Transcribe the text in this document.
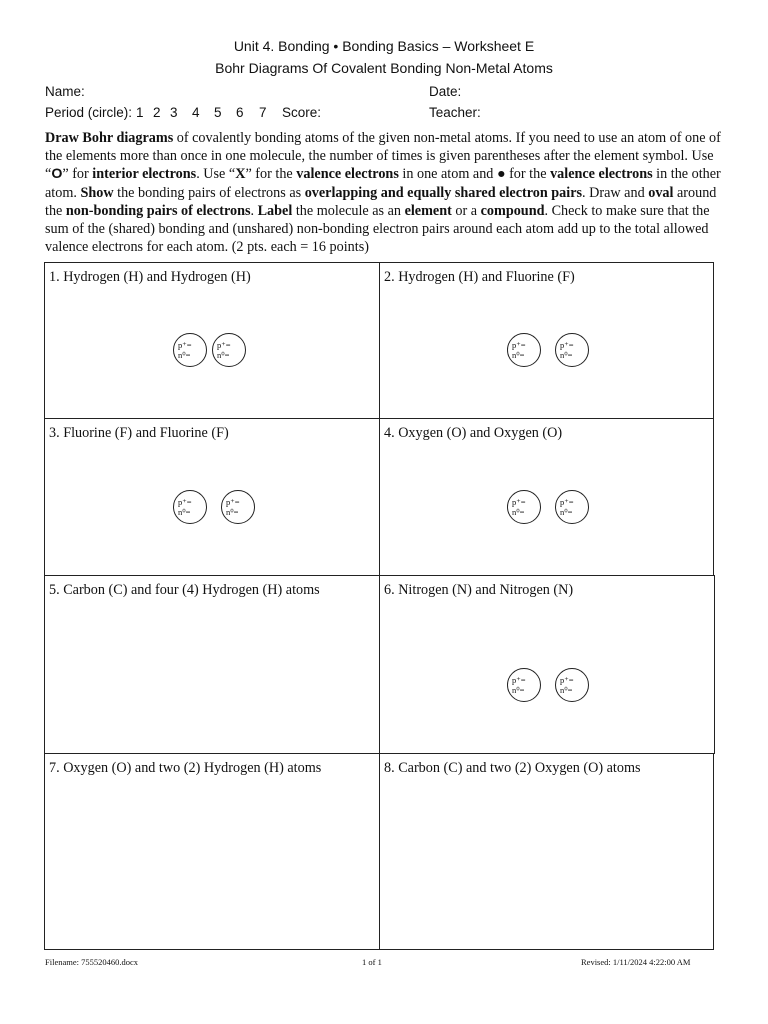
Unit 4. Bonding • Bonding Basics – Worksheet E
Bohr Diagrams Of Covalent Bonding Non-Metal Atoms
Name:	Date:
Period (circle): 1 2 3 4 5 6 7 Score:	Teacher:
Draw Bohr diagrams of covalently bonding atoms of the given non-metal atoms. If you need to use an atom of one of the elements more than once in one molecule, the number of times is given parentheses after the element symbol. Use “O” for interior electrons. Use “X” for the valence electrons in one atom and ● for the valence electrons in the other atom. Show the bonding pairs of electrons as overlapping and equally shared electron pairs. Draw and oval around the non-bonding pairs of electrons. Label the molecule as an element or a compound. Check to make sure that the sum of the (shared) bonding and (unshared) non-bonding electron pairs around each atom add up to the total allowed valence electrons for each atom. (2 pts. each = 16 points)
1. Hydrogen (H) and Hydrogen (H)	2. Hydrogen (H) and Fluorine (F)
3. Fluorine (F) and Fluorine (F)	4. Oxygen (O) and Oxygen (O)
5. Carbon (C) and four (4) Hydrogen (H) atoms	6. Nitrogen (N) and Nitrogen (N)
7. Oxygen (O) and two (2) Hydrogen (H) atoms	8. Carbon (C) and two (2) Oxygen (O) atoms
p⁺=
n⁰=
p⁺=
n⁰=
p⁺=
n⁰=
p⁺=
n⁰=
p⁺=
n⁰=
p⁺=
n⁰=
p⁺=
n⁰=
p⁺=
n⁰=
p⁺=
n⁰=
p⁺=
n⁰=
Filename: 755520460.docx	1 of 1	Revised: 1/11/2024 4:22:00 AM
